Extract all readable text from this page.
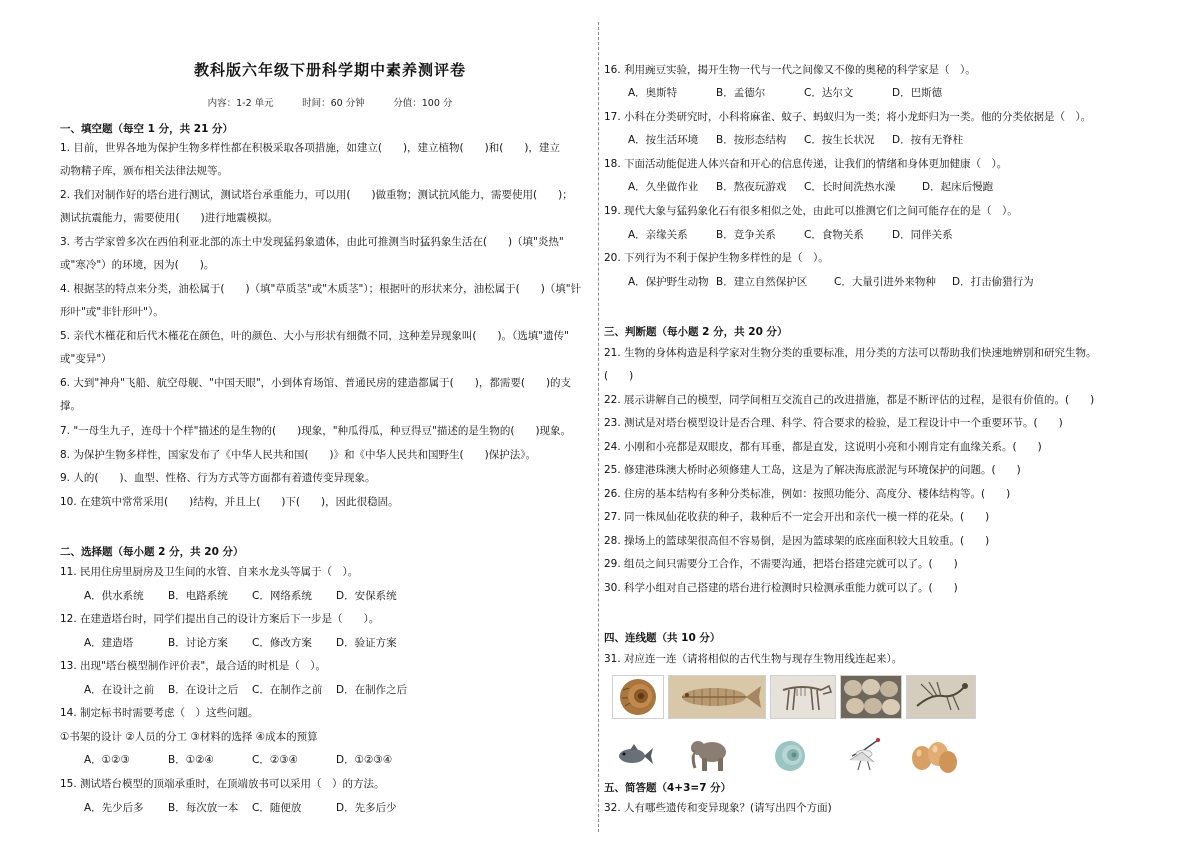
教科版六年级下册科学期中素养测评卷
内容：1-2 单元　　　时间：60 分钟　　　分值：100 分
一、填空题（每空 1 分，共 21 分）
1. 目前，世界各地为保护生物多样性都在积极采取各项措施，如建立(　　)，建立植物(　　)和(　　)，建立
动物精子库，颁布相关法律法规等。
2. 我们对制作好的塔台进行测试，测试塔台承重能力，可以用(　　)做重物；测试抗风能力，需要使用(　　)；
测试抗震能力，需要使用(　　)进行地震模拟。
3. 考古学家曾多次在西伯利亚北部的冻土中发现猛犸象遗体，由此可推测当时猛犸象生活在(　　)（填"炎热"
或"寒冷"）的环境，因为(　　)。
4. 根据茎的特点来分类，油松属于(　　)（填"草质茎"或"木质茎"）；根据叶的形状来分，油松属于(　　)（填"针
形叶"或"非针形叶"）。
5. 亲代木槿花和后代木槿花在颜色，叶的颜色、大小与形状有细微不同，这种差异现象叫(　　)。（选填"遗传"
或"变异"）
6. 大到"神舟"飞船、航空母舰、"中国天眼"，小到体育场馆、普通民房的建造都属于(　　)，都需要(　　)的支
撑。
7. "一母生九子，连母十个样"描述的是生物的(　　)现象，"种瓜得瓜，种豆得豆"描述的是生物的(　　)现象。
8. 为保护生物多样性，国家发布了《中华人民共和国(　　)》和《中华人民共和国野生(　　)保护法》。
9. 人的(　　)、血型、性格、行为方式等方面都有着遗传变异现象。
10. 在建筑中常常采用(　　)结构，并且上(　　)下(　　)，因此很稳固。
二、选择题（每小题 2 分，共 20 分）
11. 民用住房里厨房及卫生间的水管、自来水龙头等属于（　）。
A．供水系统 B．电路系统 C．网络系统 D．安保系统
12. 在建造塔台时，同学们提出自己的设计方案后下一步是（　　）。
A．建造塔	B．讨论方案 C．修改方案 D．验证方案
13. 出现"塔台模型制作评价表"，最合适的时机是（　）。
A．在设计之前 B．在设计之后 C．在制作之前 D．在制作之后
14. 制定标书时需要考虑（　）这些问题。
①书架的设计 ②人员的分工 ③材料的选择 ④成本的预算
A．①②③	B．①②④	C．②③④	D．①②③④
15. 测试塔台模型的顶端承重时，在顶端放书可以采用（　）的方法。
A．先少后多 B．每次放一本 C．随便放	D．先多后少
16. 利用豌豆实验，揭开生物一代与一代之间像又不像的奥秘的科学家是（　）。
A．奥斯特	B．孟德尔	C．达尔文	D．巴斯德
17. 小科在分类研究时，小科将麻雀、蚊子、蚂蚁归为一类；将小龙虾归为一类。他的分类依据是（　）。
A．按生活环境 B．按形态结构 C．按生长状况 D．按有无脊柱
18. 下面活动能促进人体兴奋和开心的信息传递，让我们的情绪和身体更加健康（　）。
A．久坐做作业 B．熬夜玩游戏 C．长时间洗热水澡	D．起床后慢跑
19. 现代大象与猛犸象化石有很多相似之处，由此可以推测它们之间可能存在的是（　）。
A．亲缘关系	B．竞争关系	C．食物关系	D．同伴关系
20. 下列行为不利于保护生物多样性的是（　）。
A．保护野生动物 B．建立自然保护区	C．大量引进外来物种 D．打击偷猎行为
三、判断题（每小题 2 分，共 20 分）
21. 生物的身体构造是科学家对生物分类的重要标准，用分类的方法可以帮助我们快速地辨别和研究生物。
(　　)
22. 展示讲解自己的模型，同学间相互交流自己的改进措施，都是不断评估的过程，是很有价值的。(　　)
23. 测试是对塔台模型设计是否合理、科学、符合要求的检验，是工程设计中一个重要环节。(　　)
24. 小刚和小亮都是双眼皮，都有耳垂，都是直发，这说明小亮和小刚肯定有血缘关系。(　　)
25. 修建港珠澳大桥时必须修建人工岛，这是为了解决海底淤泥与环境保护的问题。(　　)
26. 住房的基本结构有多种分类标准，例如：按照功能分、高度分、楼体结构等。(　　)
27. 同一株凤仙花收获的种子，栽种后不一定会开出和亲代一模一样的花朵。(　　)
28. 操场上的篮球架很高但不容易倒，是因为篮球架的底座面积较大且较重。(　　)
29. 组员之间只需要分工合作，不需要沟通，把塔台搭建完就可以了。(　　)
30. 科学小组对自己搭建的塔台进行检测时只检测承重能力就可以了。(　　)
四、连线题（共 10 分）
31. 对应连一连（请将相似的古代生物与现存生物用线连起来）。
五、简答题（4+3=7 分）
32. 人有哪些遗传和变异现象？(请写出四个方面)
